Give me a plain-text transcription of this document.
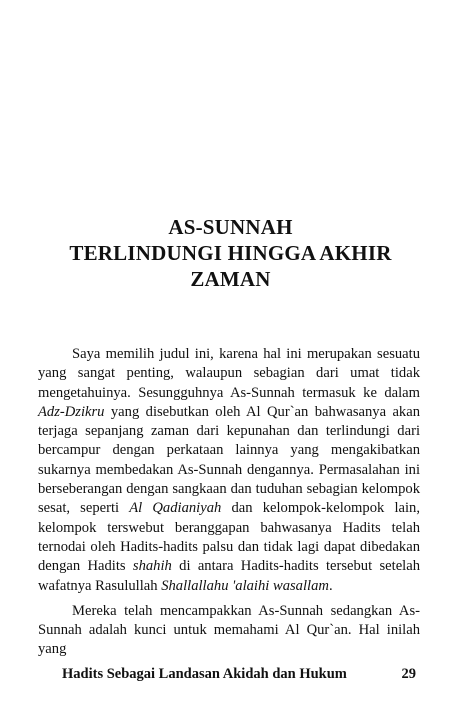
AS-SUNNAH
TERLINDUNGI HINGGA AKHIR
ZAMAN

Saya memilih judul ini, karena hal ini merupakan sesuatu yang sangat penting, walaupun sebagian dari umat tidak mengetahuinya. Sesungguhnya As-Sunnah termasuk ke dalam Adz-Dzikru yang disebutkan oleh Al Qur`an bahwasanya akan terjaga sepanjang zaman dari kepunahan dan terlindungi dari bercampur dengan perkataan lainnya yang mengakibatkan sukarnya membedakan As-Sunnah dengannya. Permasalahan ini berseberangan dengan sangkaan dan tuduhan sebagian kelompok sesat, seperti Al Qadianiyah dan kelompok-kelompok lain, kelompok terswebut beranggapan bahwasanya Hadits telah ternodai oleh Hadits-hadits palsu dan tidak lagi dapat dibedakan dengan Hadits shahih di antara Hadits-hadits tersebut setelah wafatnya Rasulullah Shallallahu 'alaihi wasallam.

Mereka telah mencampakkan As-Sunnah sedangkan As-Sunnah adalah kunci untuk memahami Al Qur`an. Hal inilah yang

Hadits Sebagai Landasan Akidah dan Hukum	29
